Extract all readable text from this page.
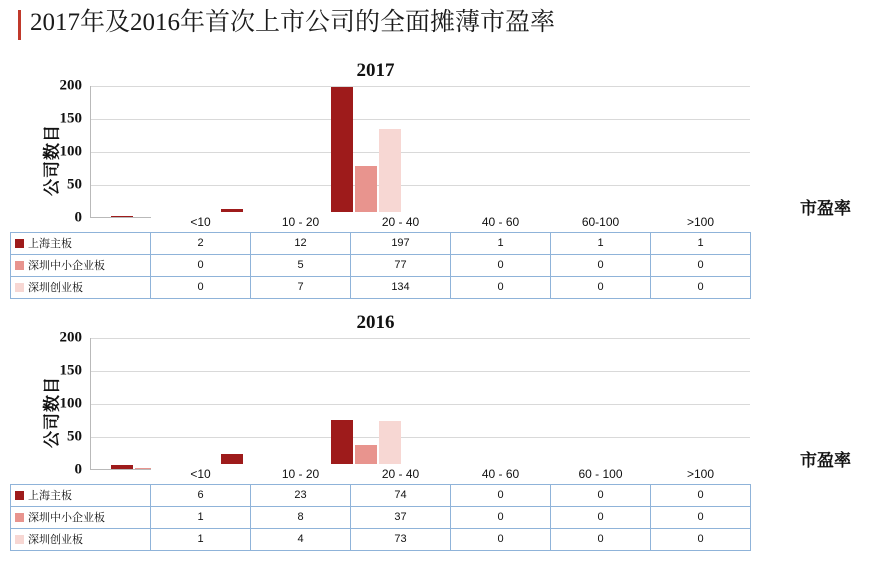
2017年及2016年首次上市公司的全面摊薄市盈率
2017
公司数目
0
50
100
150
200
市盈率
	<10	10 - 20	20 - 40	40 - 60	60-100	>100
上海主板	2	12	197	1	1	1
深圳中小企业板	0	5	77	0	0	0
深圳创业板	0	7	134	0	0	0
2016
公司数目
0
50
100
150
200
市盈率
	<10	10 - 20	20 - 40	40 - 60	60 - 100	>100
上海主板	6	23	74	0	0	0
深圳中小企业板	1	8	37	0	0	0
深圳创业板	1	4	73	0	0	0
